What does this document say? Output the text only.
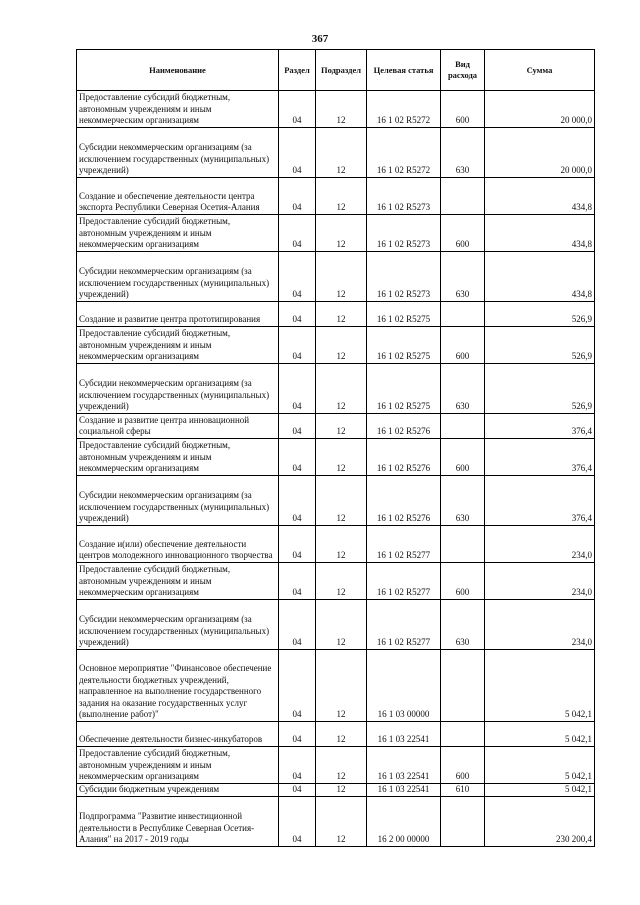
367
Наименование	Раздел	Подраздел	Целевая статья	Вид расхода	Сумма
Предоставление субсидий бюджетным, автономным учреждениям и иным некоммерческим организациям	04	12	16 1 02 R5272	600	20 000,0
Субсидии некоммерческим организациям (за исключением государственных (муниципальных) учреждений)	04	12	16 1 02 R5272	630	20 000,0
Создание и обеспечение деятельности центра экспорта Республики Северная Осетия-Алания	04	12	16 1 02 R5273		434,8
Предоставление субсидий бюджетным, автономным учреждениям и иным некоммерческим организациям	04	12	16 1 02 R5273	600	434,8
Субсидии некоммерческим организациям (за исключением государственных (муниципальных) учреждений)	04	12	16 1 02 R5273	630	434,8
Создание и развитие центра прототипирования	04	12	16 1 02 R5275		526,9
Предоставление субсидий бюджетным, автономным учреждениям и иным некоммерческим организациям	04	12	16 1 02 R5275	600	526,9
Субсидии некоммерческим организациям (за исключением государственных (муниципальных) учреждений)	04	12	16 1 02 R5275	630	526,9
Создание и развитие центра инновационной социальной сферы	04	12	16 1 02 R5276		376,4
Предоставление субсидий бюджетным, автономным учреждениям и иным некоммерческим организациям	04	12	16 1 02 R5276	600	376,4
Субсидии некоммерческим организациям (за исключением государственных (муниципальных) учреждений)	04	12	16 1 02 R5276	630	376,4
Создание и(или) обеспечение деятельности центров молодежного инновационного творчества	04	12	16 1 02 R5277		234,0
Предоставление субсидий бюджетным, автономным учреждениям и иным некоммерческим организациям	04	12	16 1 02 R5277	600	234,0
Субсидии некоммерческим организациям (за исключением государственных (муниципальных) учреждений)	04	12	16 1 02 R5277	630	234,0
Основное мероприятие "Финансовое обеспечение деятельности бюджетных учреждений, направленное на выполнение государственного задания на оказание государственных услуг (выполнение работ)"	04	12	16 1 03 00000		5 042,1
Обеспечение деятельности бизнес-инкубаторов	04	12	16 1 03 22541		5 042,1
Предоставление субсидий бюджетным, автономным учреждениям и иным некоммерческим организациям	04	12	16 1 03 22541	600	5 042,1
Субсидии бюджетным учреждениям	04	12	16 1 03 22541	610	5 042,1
Подпрограмма "Развитие инвестиционной деятельности в Республике Северная Осетия-Алания" на 2017 - 2019 годы	04	12	16 2 00 00000		230 200,4
